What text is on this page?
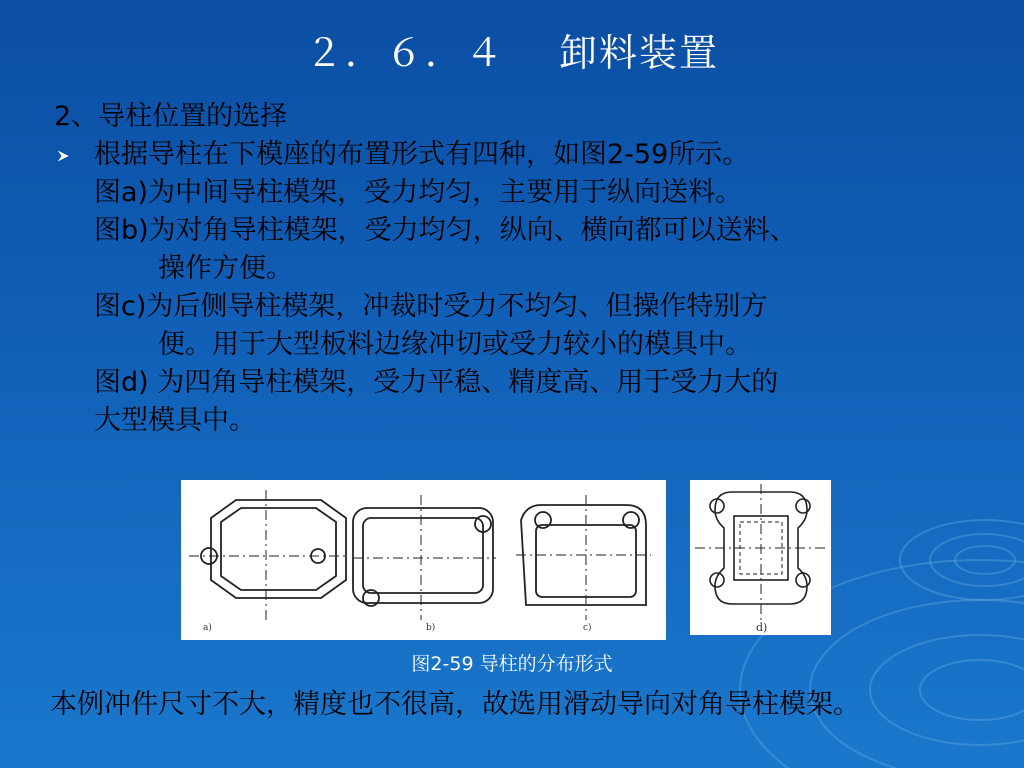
２．６．４　 卸料装置
2、导柱位置的选择
根据导柱在下模座的布置形式有四种，如图2-59所示。
图a)为中间导柱模架，受力均匀，主要用于纵向送料。
图b)为对角导柱模架，受力均匀，纵向、横向都可以送料、
操作方便。
图c)为后侧导柱模架，冲裁时受力不均匀、但操作特别方
便。用于大型板料边缘冲切或受力较小的模具中。
图d) 为四角导柱模架，受力平稳、精度高、用于受力大的
大型模具中。
a)	b)	c)	d)
图2-59 导柱的分布形式
本例冲件尺寸不大，精度也不很高，故选用滑动导向对角导柱模架。
